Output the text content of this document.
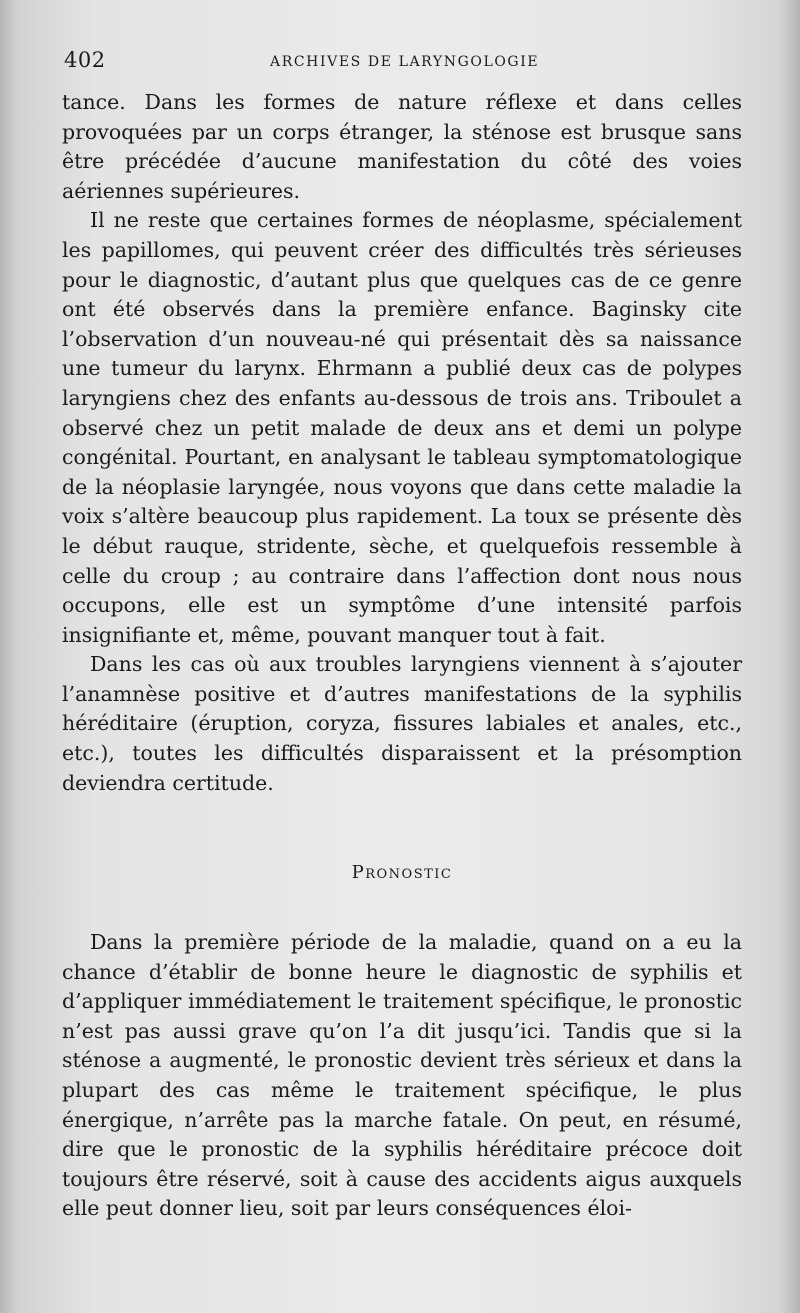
402	ARCHIVES DE LARYNGOLOGIE

tance. Dans les formes de nature réflexe et dans celles provoquées par un corps étranger, la sténose est brusque sans être précédée d’aucune manifestation du côté des voies aériennes supérieures.

Il ne reste que certaines formes de néoplasme, spécialement les papillomes, qui peuvent créer des difficultés très sérieuses pour le diagnostic, d’autant plus que quelques cas de ce genre ont été observés dans la première enfance. Baginsky cite l’observation d’un nouveau-né qui présentait dès sa naissance une tumeur du larynx. Ehrmann a publié deux cas de polypes laryngiens chez des enfants au-dessous de trois ans. Triboulet a observé chez un petit malade de deux ans et demi un polype congénital. Pourtant, en analysant le tableau symptomatologique de la néoplasie laryngée, nous voyons que dans cette maladie la voix s’altère beaucoup plus rapidement. La toux se présente dès le début rauque, stridente, sèche, et quelquefois ressemble à celle du croup ; au contraire dans l’affection dont nous nous occupons, elle est un symptôme d’une intensité parfois insignifiante et, même, pouvant manquer tout à fait.

Dans les cas où aux troubles laryngiens viennent à s’ajouter l’anamnèse positive et d’autres manifestations de la syphilis héréditaire (éruption, coryza, fissures labiales et anales, etc., etc.), toutes les difficultés disparaissent et la présomption deviendra certitude.

Pronostic

Dans la première période de la maladie, quand on a eu la chance d’établir de bonne heure le diagnostic de syphilis et d’appliquer immédiatement le traitement spécifique, le pronostic n’est pas aussi grave qu’on l’a dit jusqu’ici. Tandis que si la sténose a augmenté, le pronostic devient très sérieux et dans la plupart des cas même le traitement spécifique, le plus énergique, n’arrête pas la marche fatale. On peut, en résumé, dire que le pronostic de la syphilis héréditaire précoce doit toujours être réservé, soit à cause des accidents aigus auxquels elle peut donner lieu, soit par leurs conséquences éloi-
